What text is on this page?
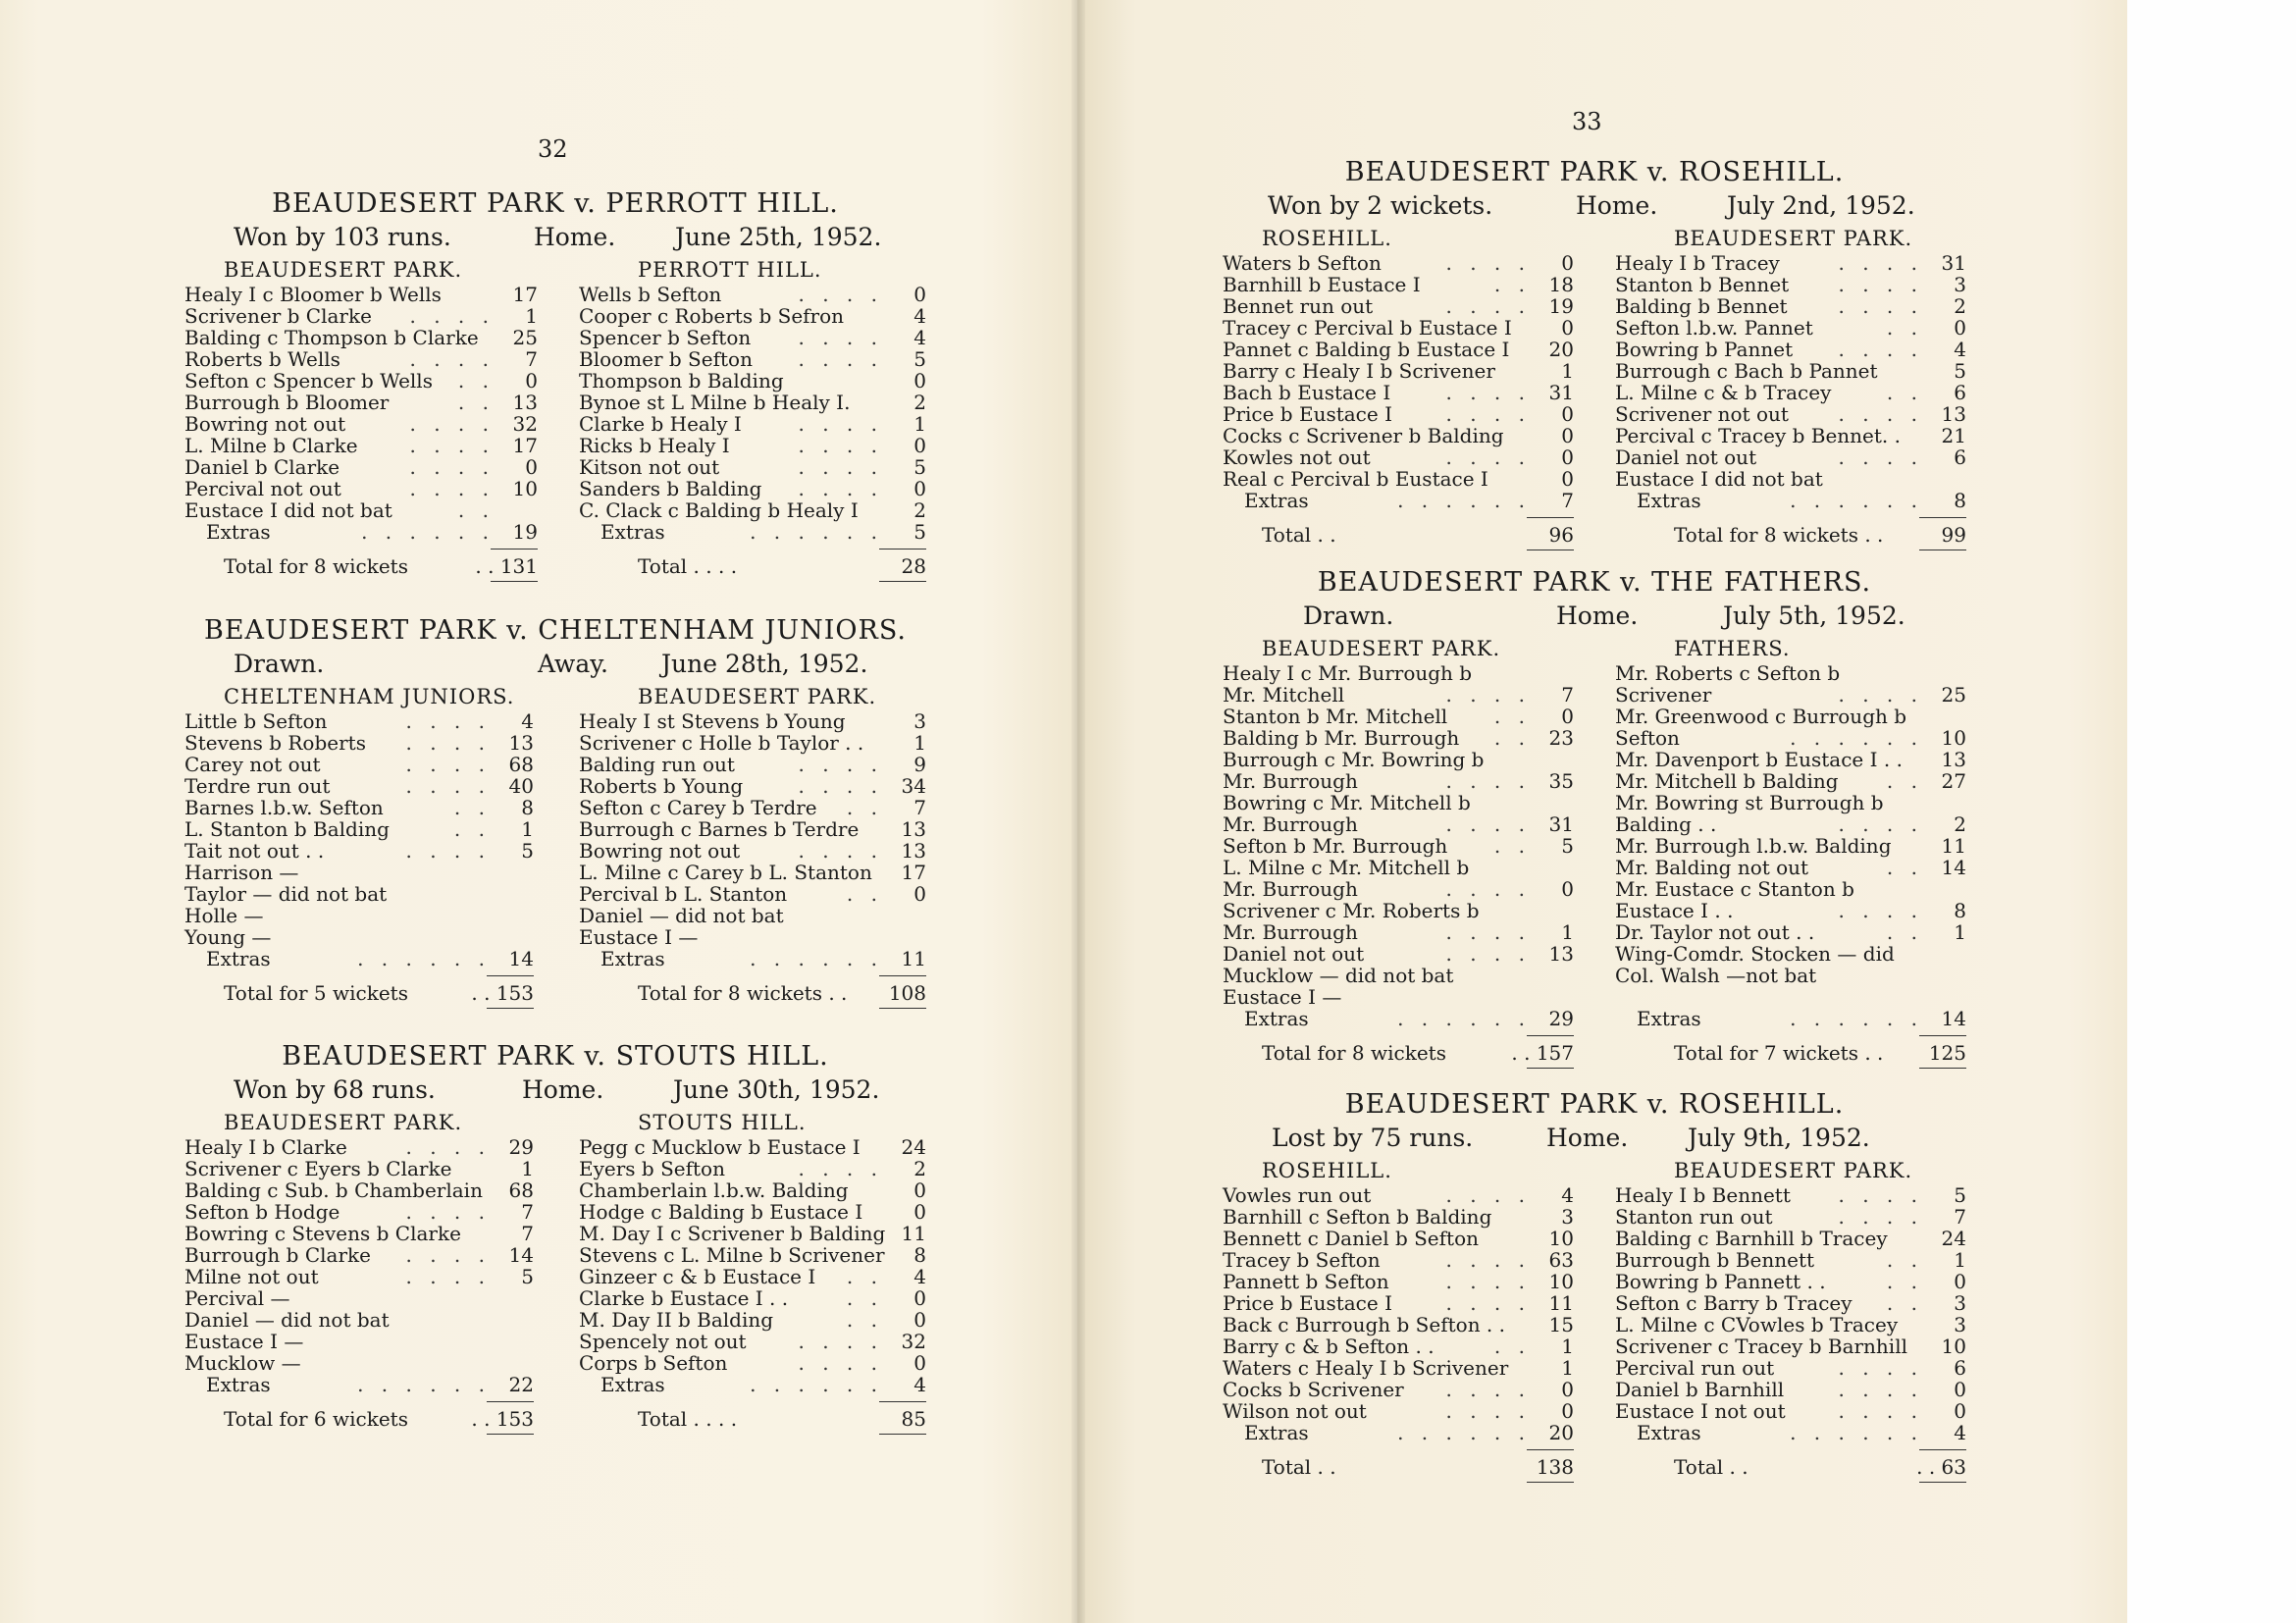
32
33
BEAUDESERT PARK v. PERROTT HILL.
Won by 103 runs.	Home. June 25th, 1952.
BEAUDESERT PARK.
Healy I c Bloomer b Wells	17
Scrivener b Clarke . . . . 1
Balding c Thompson b Clarke 25
Roberts b Wells	. . . . 7
Sefton c Spencer b Wells . . 0
Burrough b Bloomer	. . 13
Bowring not out	. . . . 32
L. Milne b Clarke	. . . . 17
Daniel b Clarke	. . . . 0
Percival not out	. . . . 10
Eustace I did not bat	. .
Extras	. . . . . . 19
Total for 8 wickets	. . 131
PERROTT HILL.
Wells b Sefton	. . . . 0
Cooper c Roberts b Sefron	4
Spencer b Sefton . . . . 4
Bloomer b Sefton . . . . 5
Thompson b Balding	0
Bynoe st L Milne b Healy I.	2
Clarke b Healy I	. . . . 1
Ricks b Healy I	. . . . 0
Kitson not out	. . . . 5
Sanders b Balding . . . . 0
C. Clack c Balding b Healy I	2
Extras	. . . . . . 5
Total . . . .	28
BEAUDESERT PARK v. CHELTENHAM JUNIORS.
Drawn.	Away. June 28th, 1952.
CHELTENHAM JUNIORS.
Little b Sefton	. . . . 4
Stevens b Roberts . . . . 13
Carey not out	. . . . 68
Terdre run out	. . . . 40
Barnes l.b.w. Sefton	. . 8
L. Stanton b Balding	. . 1
Tait not out . .	. . . . 5
Harrison —
Taylor — did not bat
Holle —
Young —
Extras	. . . . . . 14
Total for 5 wickets	. . 153
BEAUDESERT PARK.
Healy I st Stevens b Young	3
Scrivener c Holle b Taylor . .	1
Balding run out	. . . . 9
Roberts b Young	. . . . 34
Sefton c Carey b Terdre . . 7
Burrough c Barnes b Terdre 13
Bowring not out	. . . . 13
L. Milne c Carey b L. Stanton 17
Percival b L. Stanton	. . 0
Daniel — did not bat
Eustace I —
Extras	. . . . . . 11
Total for 8 wickets . . 108
BEAUDESERT PARK v. STOUTS HILL.
Won by 68 runs.	Home.	June 30th, 1952.
BEAUDESERT PARK.
Healy I b Clarke	. . . . 29
Scrivener c Eyers b Clarke	1
Balding c Sub. b Chamberlain 68
Sefton b Hodge	. . . . 7
Bowring c Stevens b Clarke	7
Burrough b Clarke . . . . 14
Milne not out	. . . . 5
Percival —
Daniel — did not bat
Eustace I —
Mucklow —
Extras	. . . . . . 22
Total for 6 wickets	. . 153
STOUTS HILL.
Pegg c Mucklow b Eustace I 24
Eyers b Sefton	. . . . 2
Chamberlain l.b.w. Balding	0
Hodge c Balding b Eustace I	0
M. Day I c Scrivener b Balding 11
Stevens c L. Milne b Scrivener 8
Ginzeer c & b Eustace I . . 4
Clarke b Eustace I . .	. . 0
M. Day II b Balding	. . 0
Spencely not out	. . . . 32
Corps b Sefton	. . . . 0
Extras	. . . . . . 4
Total . . . .	85
BEAUDESERT PARK v. ROSEHILL.
Won by 2 wickets.	Home.	July 2nd, 1952.
ROSEHILL.
Waters b Sefton	. . . . 0
Barnhill b Eustace I	. . 18
Bennet run out	. . . . 19
Tracey c Percival b Eustace I	0
Pannet c Balding b Eustace I 20
Barry c Healy I b Scrivener	1
Bach b Eustace I	. . . . 31
Price b Eustace I	. . . . 0
Cocks c Scrivener b Balding	0
Kowles not out	. . . . 0
Real c Percival b Eustace I	0
Extras	. . . . . . 7
Total . .	96
BEAUDESERT PARK.
Healy I b Tracey	. . . . 31
Stanton b Bennet	. . . . 3
Balding b Bennet	. . . . 2
Sefton l.b.w. Pannet	. . 0
Bowring b Pannet . . . . 4
Burrough c Bach b Pannet	5
L. Milne c & b Tracey	. . 6
Scrivener not out	. . . . 13
Percival c Tracey b Bennet. . 21
Daniel not out	. . . . 6
Eustace I did not bat
Extras	. . . . . . 8
Total for 8 wickets . .	99
BEAUDESERT PARK v. THE FATHERS.
Drawn.	Home.	July 5th, 1952.
BEAUDESERT PARK.
Healy I c Mr. Burrough b
Mr. Mitchell	. . . . 7
Stanton b Mr. Mitchell . . 0
Balding b Mr. Burrough . . 23
Burrough c Mr. Bowring b
Mr. Burrough	. . . . 35
Bowring c Mr. Mitchell b
Mr. Burrough	. . . . 31
Sefton b Mr. Burrough . . 5
L. Milne c Mr. Mitchell b
Mr. Burrough	. . . . 0
Scrivener c Mr. Roberts b
Mr. Burrough	. . . . 1
Daniel not out	. . . . 13
Mucklow — did not bat
Eustace I —
Extras	. . . . . . 29
Total for 8 wickets	. . 157
FATHERS.
Mr. Roberts c Sefton b
Scrivener	. . . . 25
Mr. Greenwood c Burrough b
Sefton	. . . . . . 10
Mr. Davenport b Eustace I . . 13
Mr. Mitchell b Balding . . 27
Mr. Bowring st Burrough b
Balding . .	. . . . 2
Mr. Burrough l.b.w. Balding	11
Mr. Balding not out	. . 14
Mr. Eustace c Stanton b
Eustace I . .	. . . . 8
Dr. Taylor not out . .	. . 1
Wing-Comdr. Stocken — did
Col. Walsh —not bat
Extras	. . . . . . 14
Total for 7 wickets . . 125
BEAUDESERT PARK v. ROSEHILL.
Lost by 75 runs.	Home. July 9th, 1952.
ROSEHILL.
Vowles run out	. . . . 4
Barnhill c Sefton b Balding	3
Bennett c Daniel b Sefton	10
Tracey b Sefton	. . . . 63
Pannett b Sefton	. . . . 10
Price b Eustace I	. . . . 11
Back c Burrough b Sefton . . 15
Barry c & b Sefton . .	. . 1
Waters c Healy I b Scrivener	1
Cocks b Scrivener . . . . 0
Wilson not out	. . . . 0
Extras	. . . . . . 20
Total . .	138
BEAUDESERT PARK.
Healy I b Bennett . . . . 5
Stanton run out	. . . . 7
Balding c Barnhill b Tracey	24
Burrough b Bennett	. . 1
Bowring b Pannett . .	. . 0
Sefton c Barry b Tracey . . 3
L. Milne c CVowles b Tracey	3
Scrivener c Tracey b Barnhill 10
Percival run out	. . . . 6
Daniel b Barnhill	. . . . 0
Eustace I not out	. . . . 0
Extras	. . . . . . 4
Total . .	. . 63
